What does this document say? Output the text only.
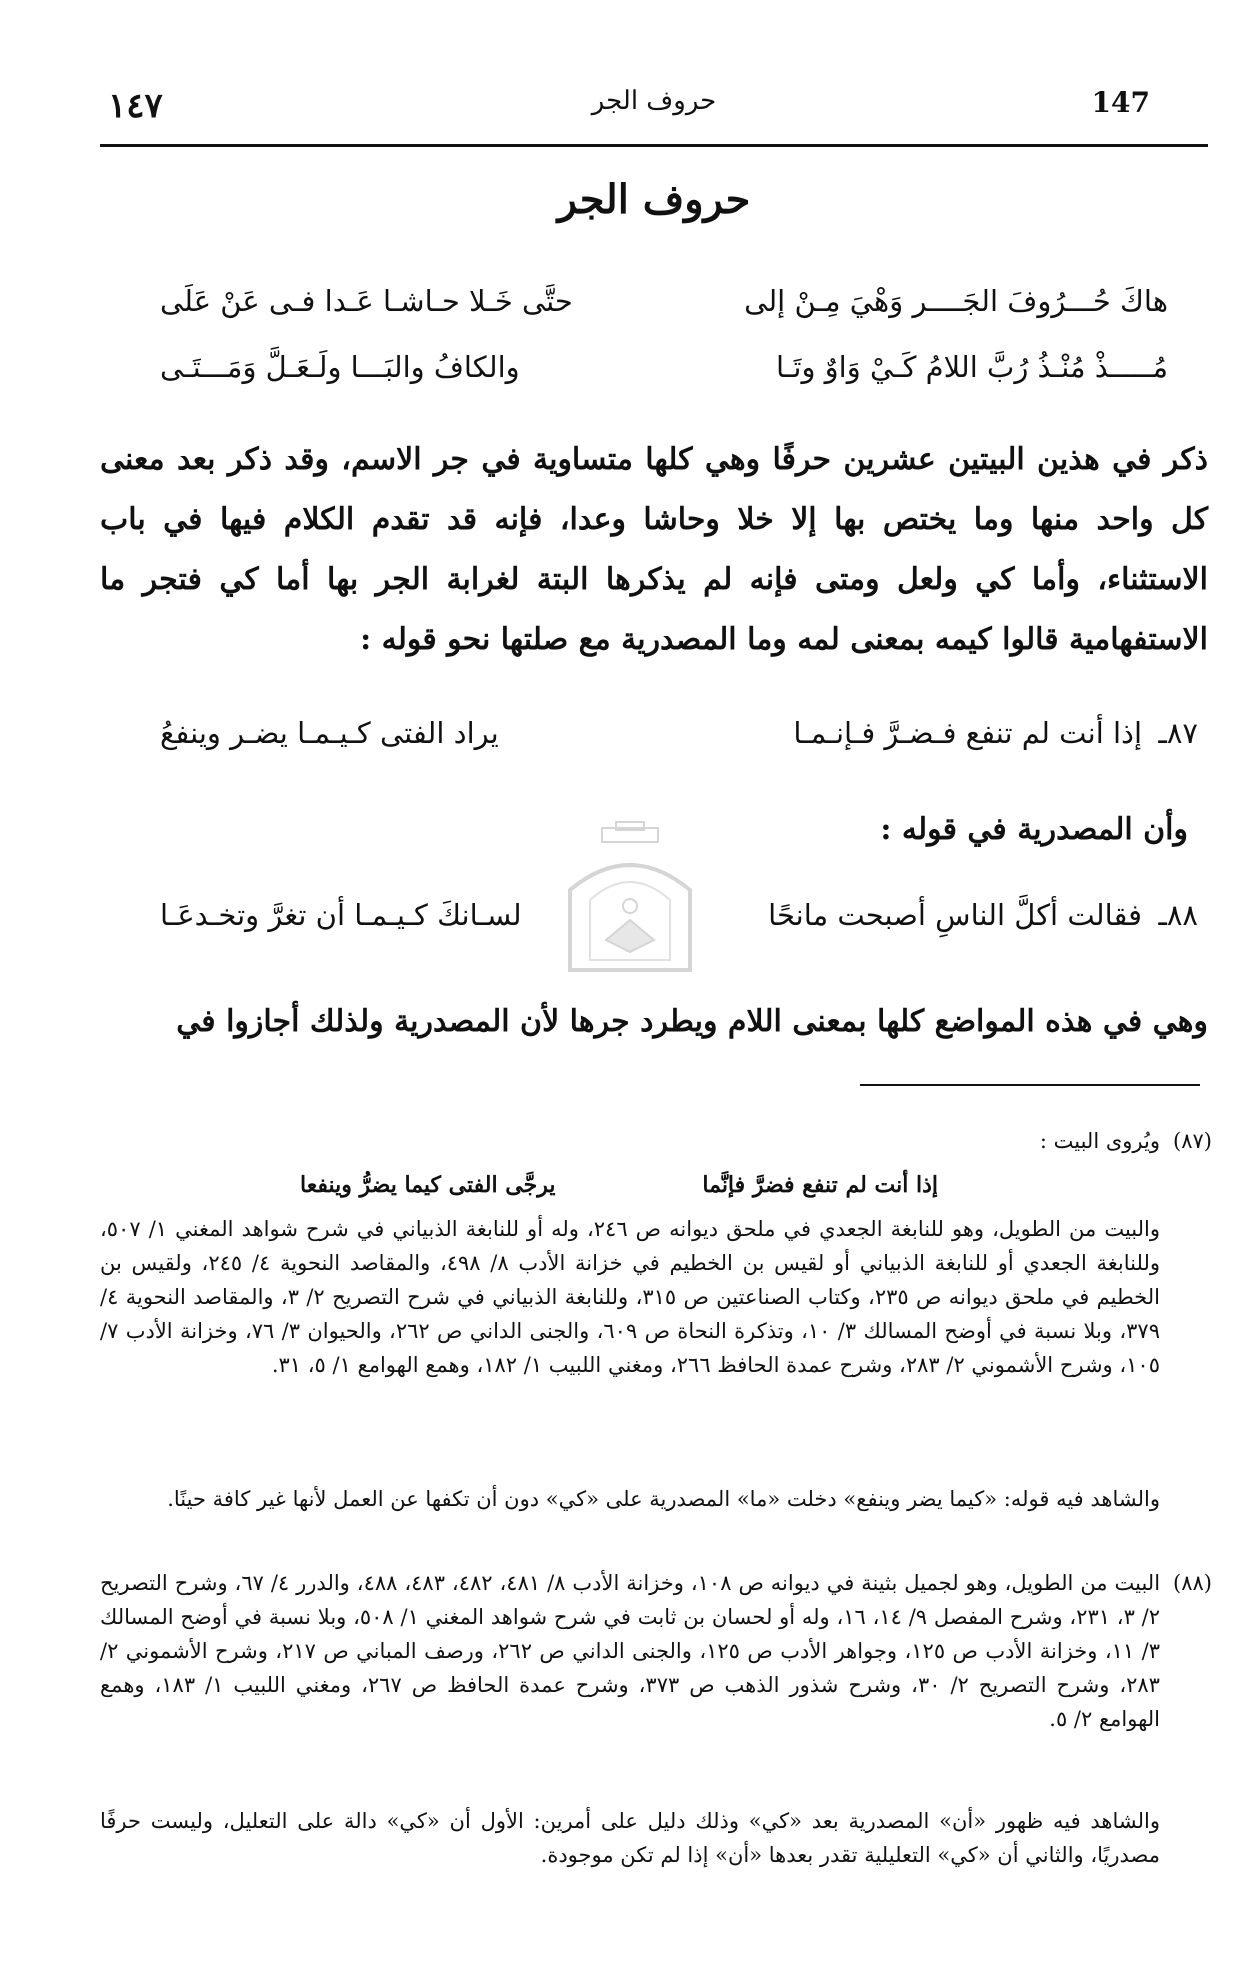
حروف الجر	147
١٤٧
حروف الجر
هاكَ حُـــرُوفَ الجَــــر وَهْيَ مِـنْ إلى
حتَّى خَـلا حـاشـا عَـدا فـى عَنْ عَلَى
مُـــــذْ مُنْـذُ رُبَّ اللامُ كَـيْ وَاوٌ وتَـا
والكافُ والبَـــا ولَـعَـلَّ وَمَـــتَـى
ذكر في هذين البيتين عشرين حرفًا وهي كلها متساوية في جر الاسم، وقد ذكر بعد معنى كل واحد منها وما يختص بها إلا خلا وحاشا وعدا، فإنه قد تقدم الكلام فيها في باب الاستثناء، وأما كي ولعل ومتى فإنه لم يذكرها البتة لغرابة الجر بها أما كي فتجر ما الاستفهامية قالوا كيمه بمعنى لمه وما المصدرية مع صلتها نحو قوله :
٨٧ـ
إذا أنت لم تنفع فـضـرَّ فـإنـمـا
يراد الفتى كـيـمـا يضـر وينفعُ
وأن المصدرية في قوله :
٨٨ـ
فقالت أكلَّ الناسِ أصبحت مانحًا
لسـانكَ كـيـمـا أن تغرَّ وتخـدعَـا
وهي في هذه المواضع كلها بمعنى اللام ويطرد جرها لأن المصدرية ولذلك أجازوا في
(٨٧)
ويُروى البيت :
إذا أنت لم تنفع فضرَّ فإنَّما
يرجَّى الفتى كيما يضرُّ وينفعا
والبيت من الطويل، وهو للنابغة الجعدي في ملحق ديوانه ص ٢٤٦، وله أو للنابغة الذبياني في شرح شواهد المغني ١/ ٥٠٧، وللنابغة الجعدي أو للنابغة الذبياني أو لقيس بن الخطيم في خزانة الأدب ٨/ ٤٩٨، والمقاصد النحوية ٤/ ٢٤٥، ولقيس بن الخطيم في ملحق ديوانه ص ٢٣٥، وكتاب الصناعتين ص ٣١٥، وللنابغة الذبياني في شرح التصريح ٢/ ٣، والمقاصد النحوية ٤/ ٣٧٩، وبلا نسبة في أوضح المسالك ٣/ ١٠، وتذكرة النحاة ص ٦٠٩، والجنى الداني ص ٢٦٢، والحيوان ٣/ ٧٦، وخزانة الأدب ٧/ ١٠٥، وشرح الأشموني ٢/ ٢٨٣، وشرح عمدة الحافظ ٢٦٦، ومغني اللبيب ١/ ١٨٢، وهمع الهوامع ١/ ٥، ٣١.
والشاهد فيه قوله: «كيما يضر وينفع» دخلت «ما» المصدرية على «كي» دون أن تكفها عن العمل لأنها غير كافة حينًا.
(٨٨)
البيت من الطويل، وهو لجميل بثينة في ديوانه ص ١٠٨، وخزانة الأدب ٨/ ٤٨١، ٤٨٢، ٤٨٣، ٤٨٨، والدرر ٤/ ٦٧، وشرح التصريح ٢/ ٣، ٢٣١، وشرح المفصل ٩/ ١٤، ١٦، وله أو لحسان بن ثابت في شرح شواهد المغني ١/ ٥٠٨، وبلا نسبة في أوضح المسالك ٣/ ١١، وخزانة الأدب ص ١٢٥، وجواهر الأدب ص ١٢٥، والجنى الداني ص ٢٦٢، ورصف المباني ص ٢١٧، وشرح الأشموني ٢/ ٢٨٣، وشرح التصريح ٢/ ٣٠، وشرح شذور الذهب ص ٣٧٣، وشرح عمدة الحافظ ص ٢٦٧، ومغني اللبيب ١/ ١٨٣، وهمع الهوامع ٢/ ٥.
والشاهد فيه ظهور «أن» المصدرية بعد «كي» وذلك دليل على أمرين: الأول أن «كي» دالة على التعليل، وليست حرفًا مصدريًا، والثاني أن «كي» التعليلية تقدر بعدها «أن» إذا لم تكن موجودة.
